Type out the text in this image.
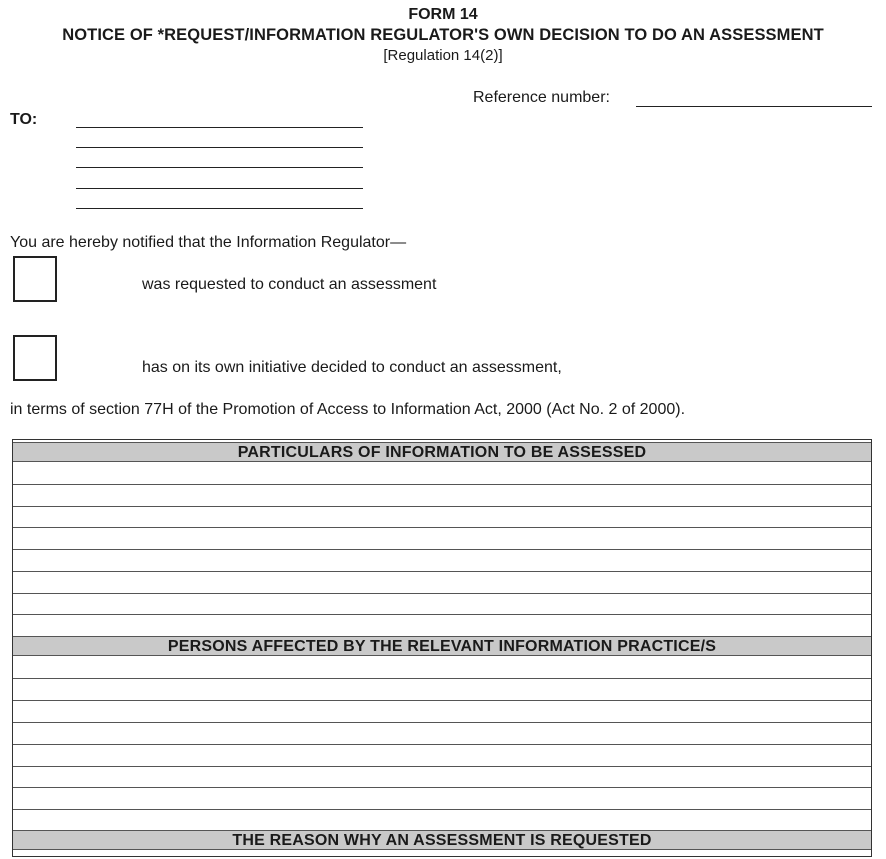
FORM 14
NOTICE OF *REQUEST/INFORMATION REGULATOR'S OWN DECISION TO DO AN ASSESSMENT
[Regulation 14(2)]
Reference number:
TO:
You are hereby notified that the Information Regulator—
was requested to conduct an assessment
has on its own initiative decided to conduct an assessment,
in terms of section 77H of the Promotion of Access to Information Act, 2000 (Act No. 2 of 2000).
PARTICULARS OF INFORMATION TO BE ASSESSED
PERSONS AFFECTED BY THE RELEVANT INFORMATION PRACTICE/S
THE REASON WHY AN ASSESSMENT IS REQUESTED
